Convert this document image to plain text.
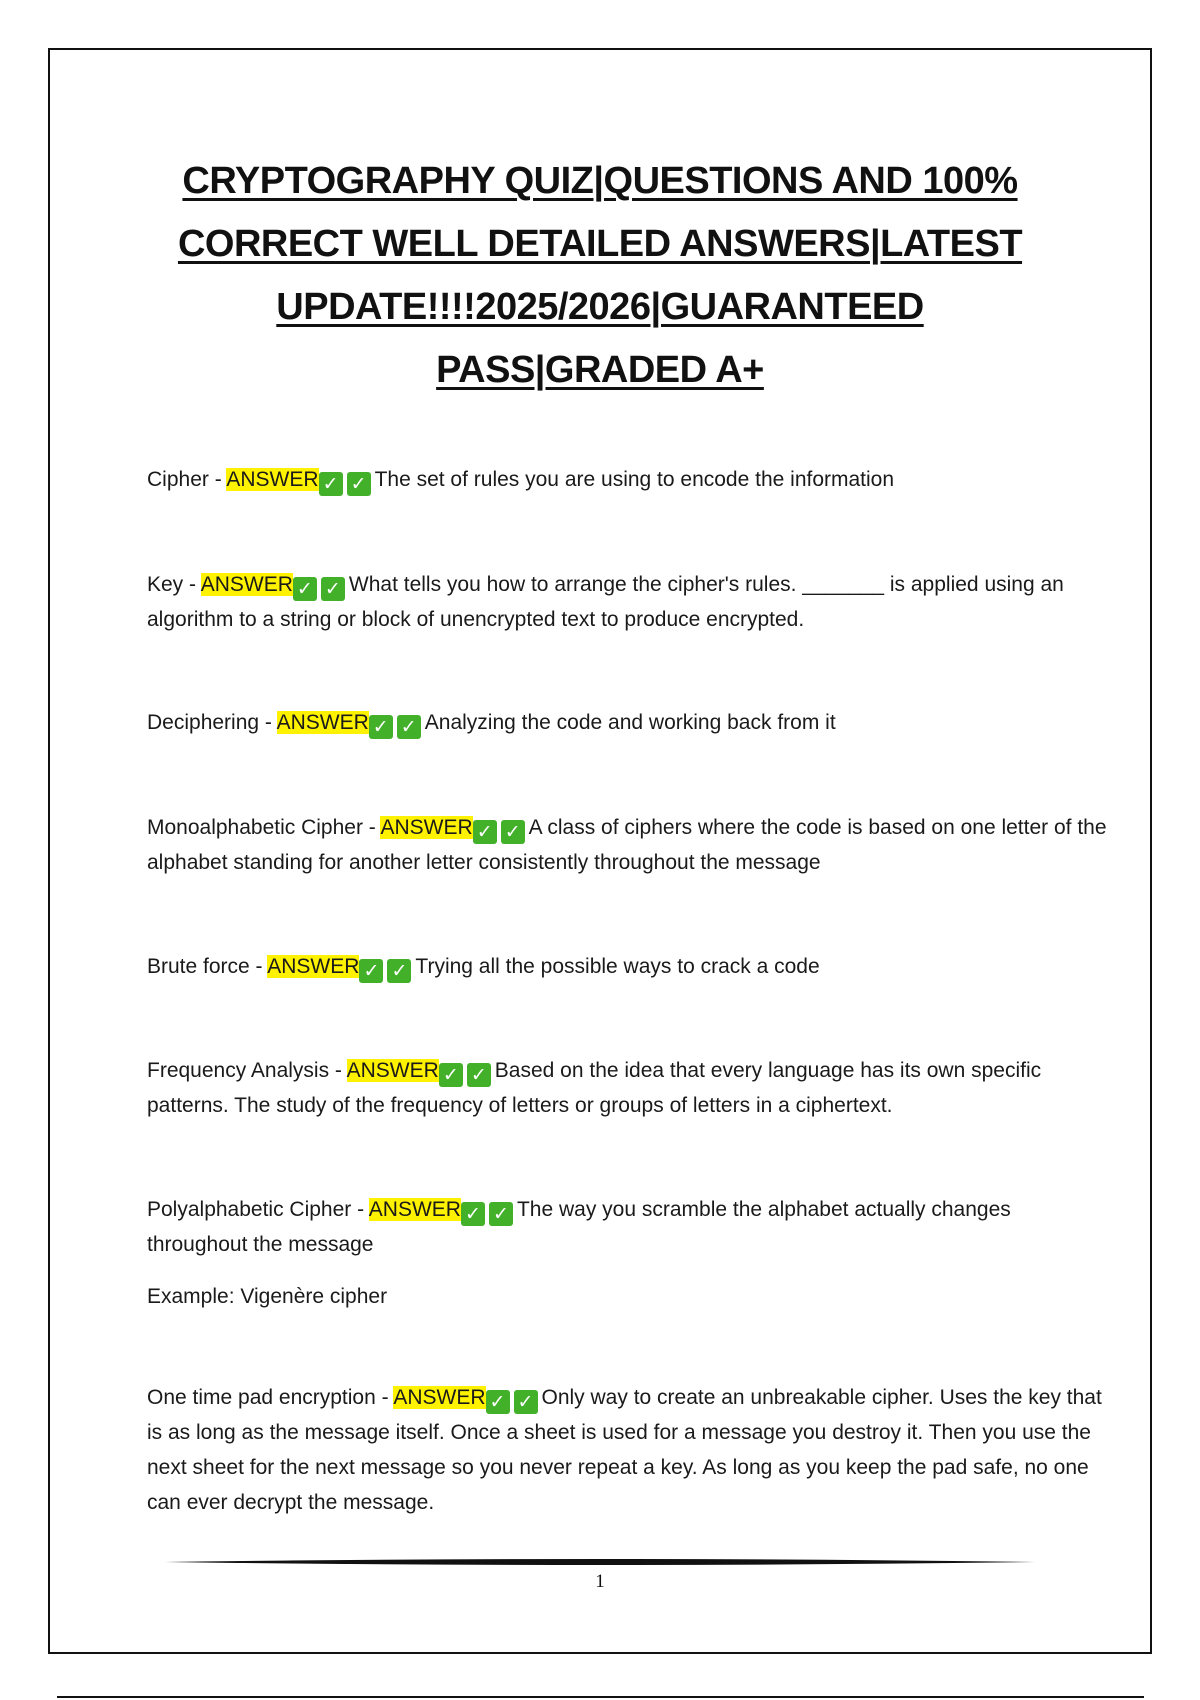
CRYPTOGRAPHY QUIZ|QUESTIONS AND 100%
CORRECT WELL DETAILED ANSWERS|LATEST
UPDATE!!!!2025/2026|GUARANTEED
PASS|GRADED A+
Cipher - ANSWER ✓ ✓ The set of rules you are using to encode the information
Key - ANSWER ✓ ✓ What tells you how to arrange the cipher's rules. _______ is applied using an algorithm to a string or block of unencrypted text to produce encrypted.
Deciphering - ANSWER ✓ ✓ Analyzing the code and working back from it
Monoalphabetic Cipher - ANSWER ✓ ✓ A class of ciphers where the code is based on one letter of the alphabet standing for another letter consistently throughout the message
Brute force - ANSWER ✓ ✓ Trying all the possible ways to crack a code
Frequency Analysis - ANSWER ✓ ✓ Based on the idea that every language has its own specific patterns. The study of the frequency of letters or groups of letters in a ciphertext.
Polyalphabetic Cipher - ANSWER ✓ ✓ The way you scramble the alphabet actually changes throughout the message
Example: Vigenère cipher
One time pad encryption - ANSWER ✓ ✓ Only way to create an unbreakable cipher. Uses the key that is as long as the message itself. Once a sheet is used for a message you destroy it. Then you use the next sheet for the next message so you never repeat a key. As long as you keep the pad safe, no one can ever decrypt the message.
1
